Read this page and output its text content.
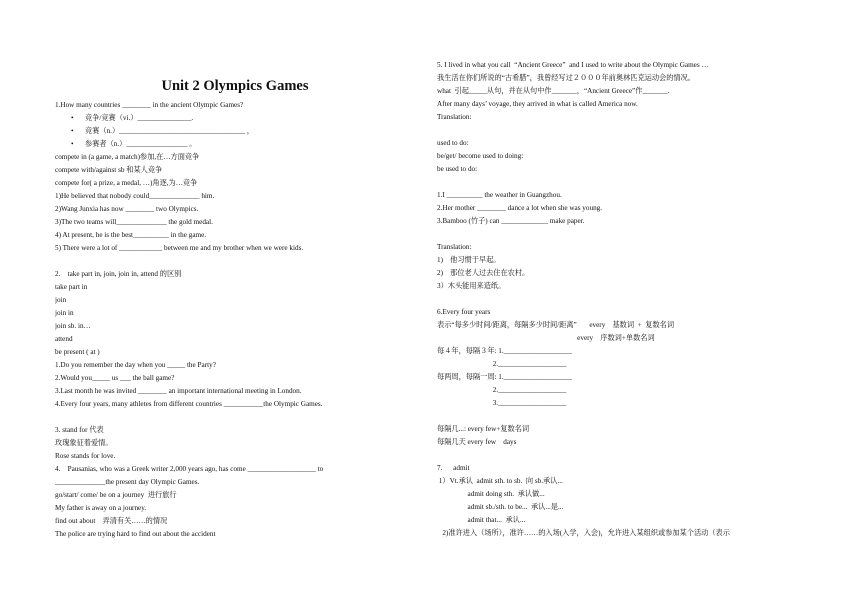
Unit 2 Olympics Games
1.How many countries ________ in the ancient Olympic Games?
• 竞争/竞赛（vi.）_______________.
• 竞赛（n.）___________________________________ ，
• 参赛者（n.）_________________ 。
compete in (a game, a match)参加,在…方面竞争
compete with/against sb 和某人竞争
compete for( a prize, a medal, …)角逐,为…竞争
1)He believed that nobody could______________ him.
2)Wang Junxia has now ________ two Olympics.
3)The two teams will______________ the gold medal.
4) At present, he is the best__________ in the game.
5) There were a lot of ____________ between me and my brother when we were kids.
2.    take part in, join, join in, attend 的区别
take part in
join
join in
join sb. in…
attend
be present ( at )
1.Do you remember the day when you _____ the Party?
2.Would you_____ us ___ the ball game?
3.Last month he was invited ________ an important international meeting in London.
4.Every four years, many athletes from different countries ___________the Olympic Games.
3. stand for 代表
玫瑰象征着爱情。
Rose stands for love.
4.    Pausanias, who was a Greek writer 2,000 years ago, has come ___________________ to
______________the present day Olympic Games.
go/start/ come/ be on a journey  进行旅行
My father is away on a journey.
find out about    弄清有关……的情况
The police are trying hard to find out about the accident
5. I lived in what you call  “Ancient Greece”  and I used to write about the Olympic Games …
我生活在你们所说的“古希腊”，我曾经写过２０００年前奥林匹克运动会的情况。
what  引起_____从句，并在从句中作_______，“Ancient Greece”作_______.
After many days’ voyage, they arrived in what is called America now.
Translation:
used to do:
be/get/ become used to doing:
be used to do:
1.I __________ the weather in Guangzhou.
2.Her mother ________ dance a lot when she was young.
3.Bamboo (竹子) can _____________ make paper.
Translation:
1)    他习惯于早起。
2)    那位老人过去住在农村。
3）木头能用来造纸。
6.Every four years
表示“每多少时间/距离，每隔多少时间/距离”       every    基数词  +  复数名词
every    序数词+单数名词
每４年，每隔３年: 1.___________________
2.___________________
每两周，每隔一周: 1.___________________
2.___________________
3.___________________
每隔几...: every few+复数名词
每隔几天 every few    days
7.      admit
1）Vt.承认  admit sth. to sb.  向 sb.承认...
admit doing sth.  承认做...
admit sb./sth. to be...  承认...是...
admit that...  承认...
2)准许进入（场所），准许……的入场(入学，入会)，允许进入某组织或参加某个活动（表示
